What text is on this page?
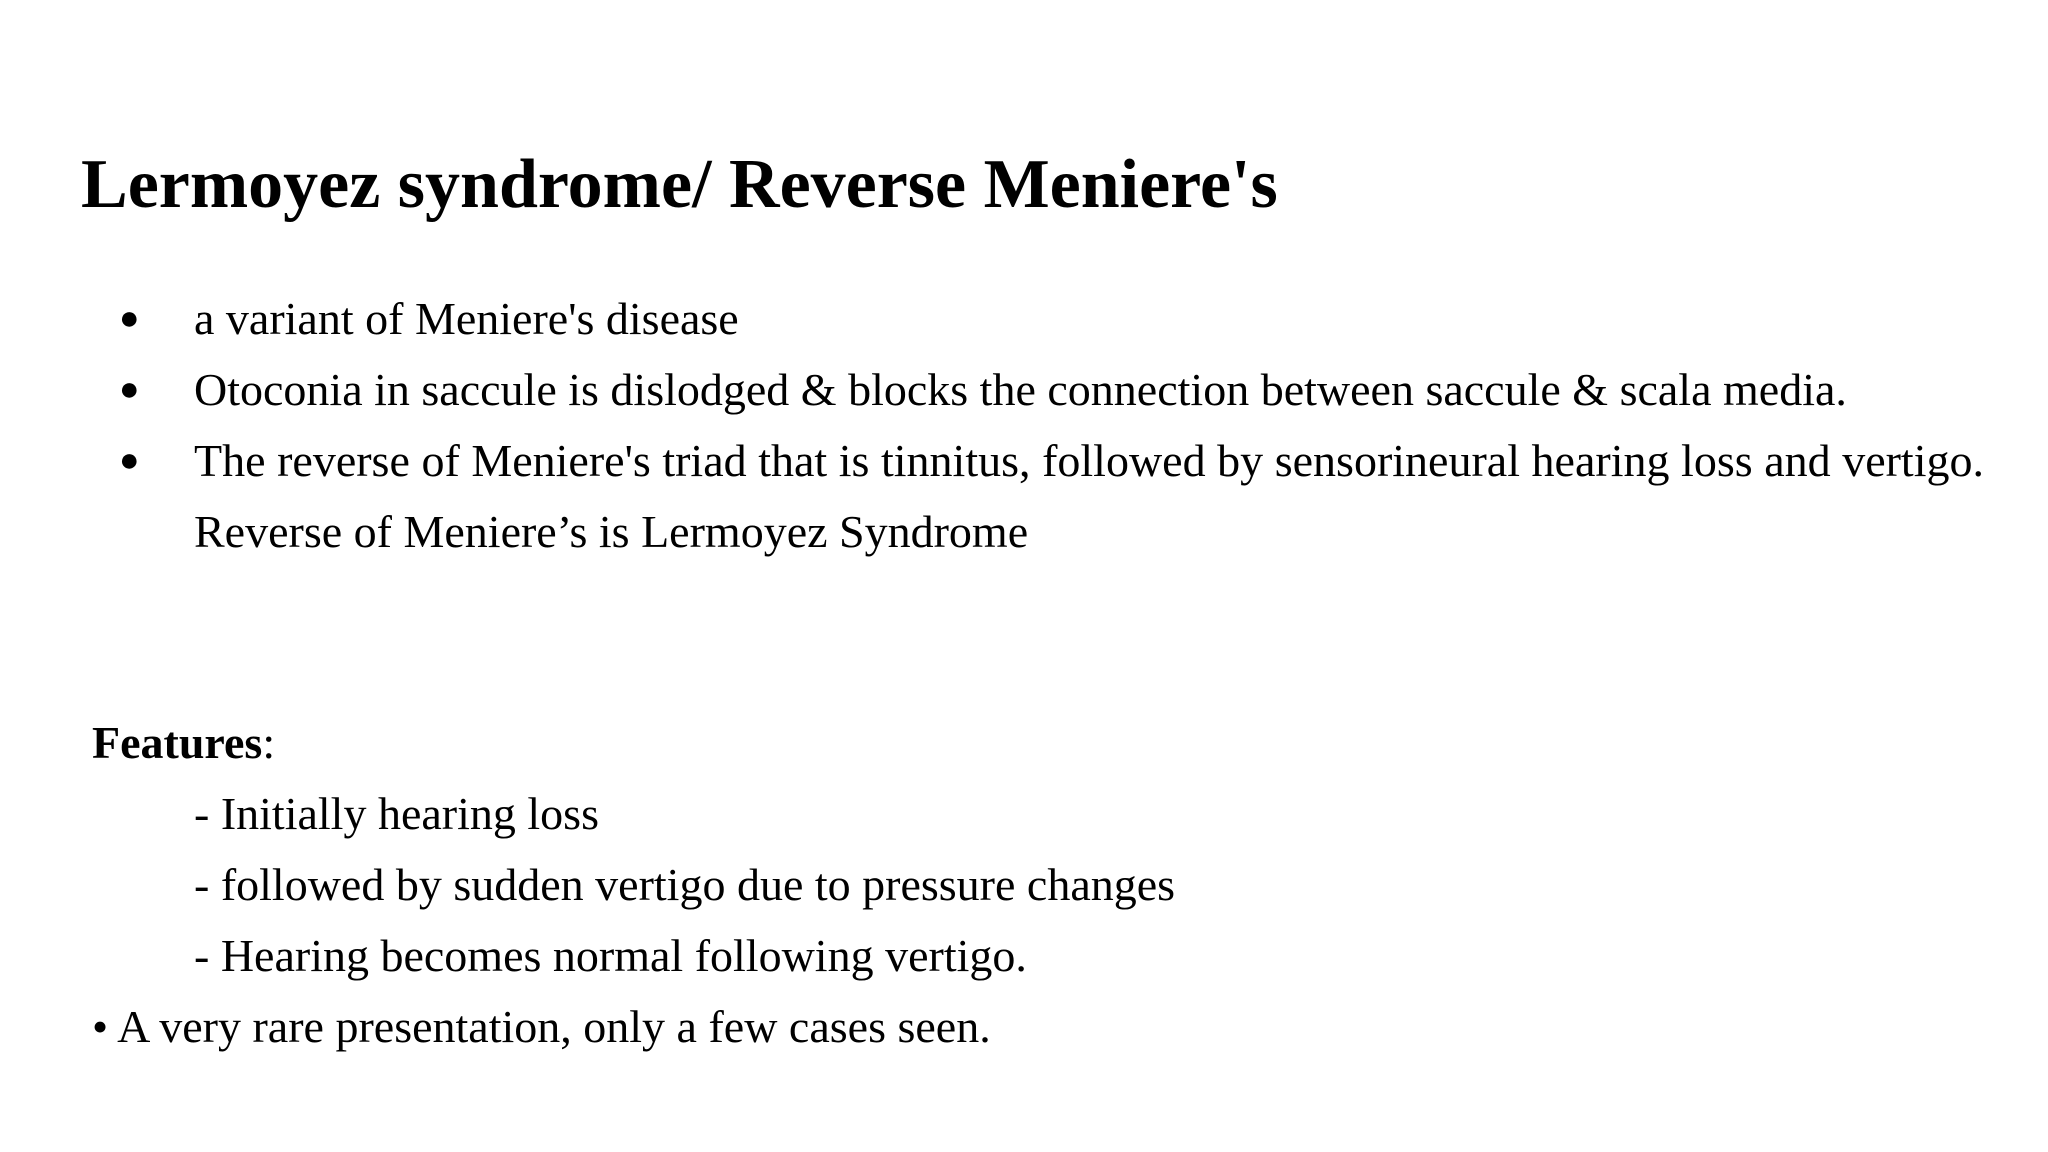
Lermoyez syndrome/ Reverse Meniere's
● a variant of Meniere's disease
● Otoconia in saccule is dislodged & blocks the connection between saccule & scala media.
● The reverse of Meniere's triad that is tinnitus, followed by sensorineural hearing loss and vertigo. Reverse of Meniere’s is Lermoyez Syndrome
Features:
- Initially hearing loss
- followed by sudden vertigo due to pressure changes
- Hearing becomes normal following vertigo.
• A very rare presentation, only a few cases seen.
